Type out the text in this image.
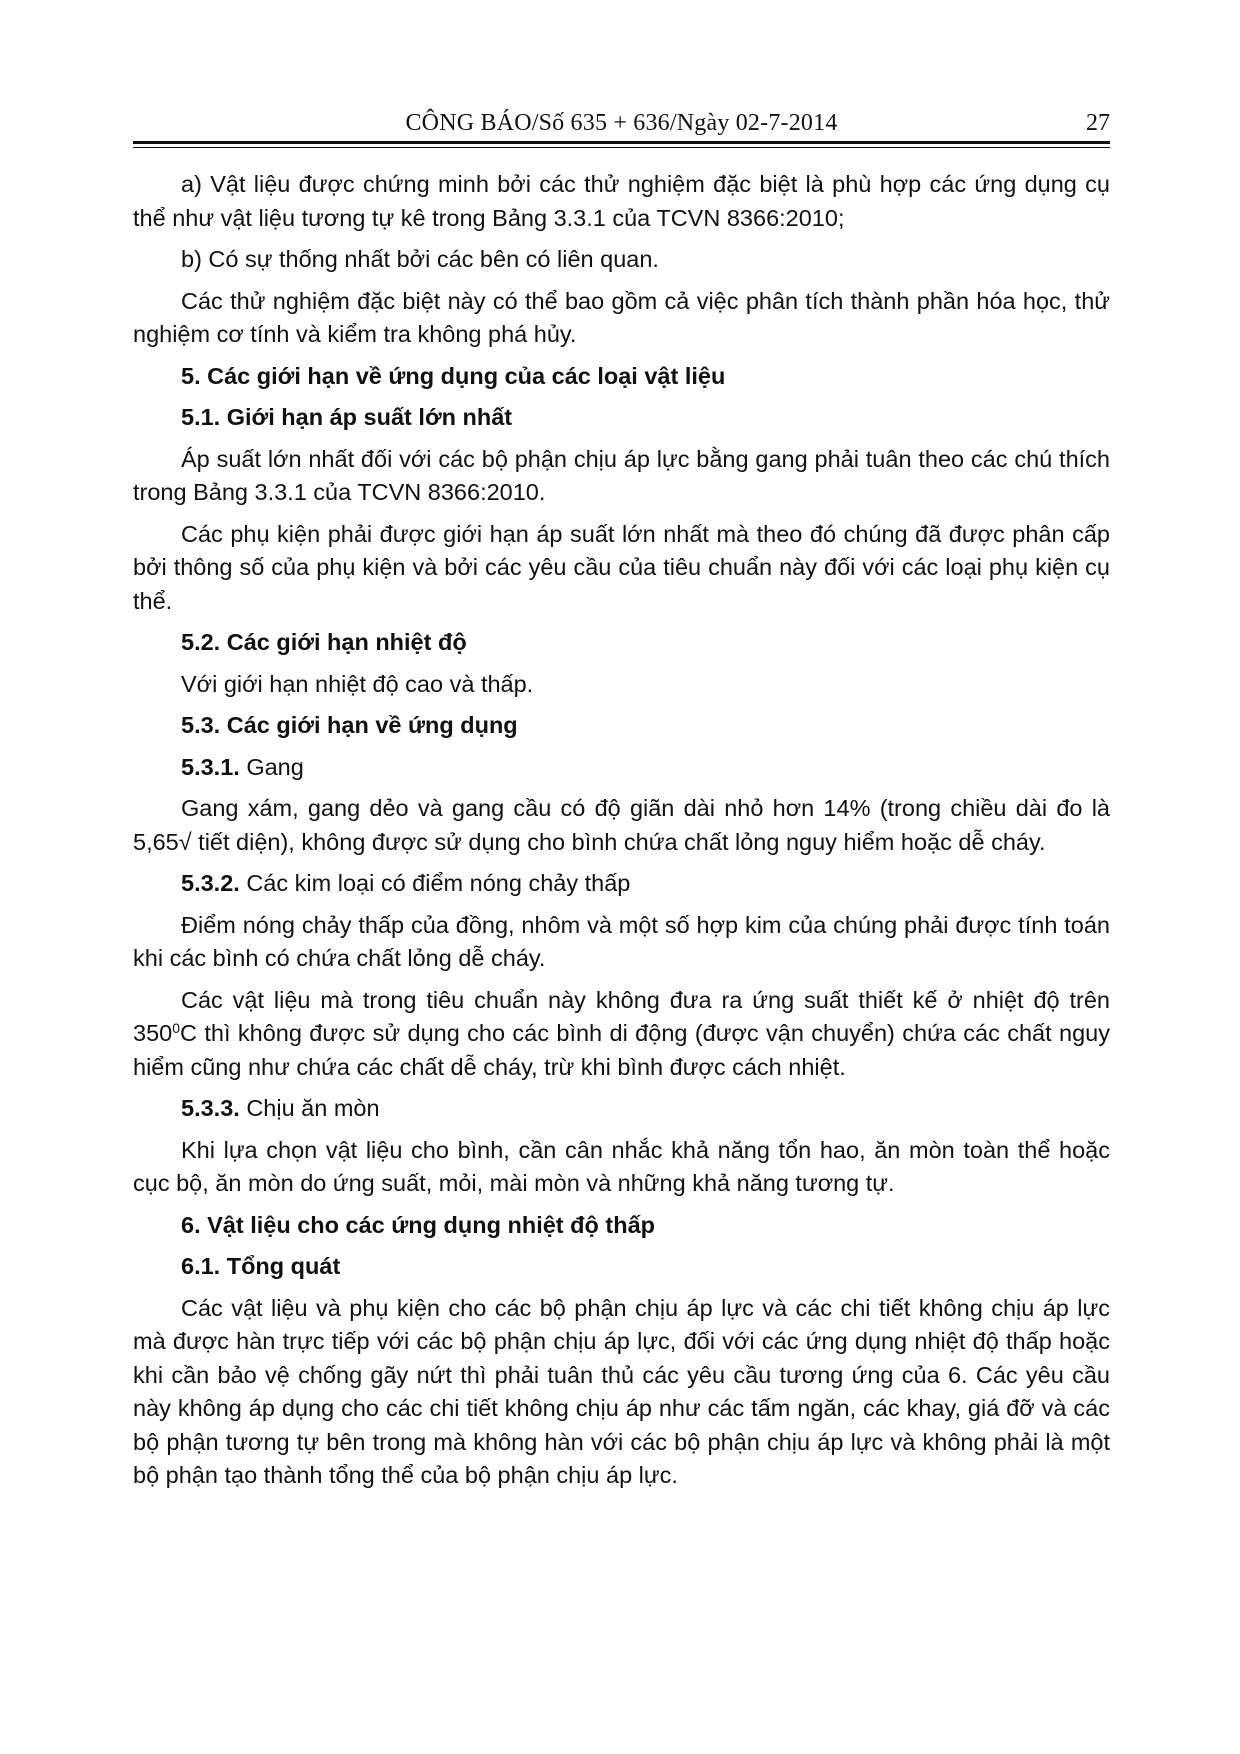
CÔNG BÁO/Số 635 + 636/Ngày 02-7-2014	27

a) Vật liệu được chứng minh bởi các thử nghiệm đặc biệt là phù hợp các ứng dụng cụ thể như vật liệu tương tự kê trong Bảng 3.3.1 của TCVN 8366:2010;

b) Có sự thống nhất bởi các bên có liên quan.

Các thử nghiệm đặc biệt này có thể bao gồm cả việc phân tích thành phần hóa học, thử nghiệm cơ tính và kiểm tra không phá hủy.

5. Các giới hạn về ứng dụng của các loại vật liệu

5.1. Giới hạn áp suất lớn nhất

Áp suất lớn nhất đối với các bộ phận chịu áp lực bằng gang phải tuân theo các chú thích trong Bảng 3.3.1 của TCVN 8366:2010.

Các phụ kiện phải được giới hạn áp suất lớn nhất mà theo đó chúng đã được phân cấp bởi thông số của phụ kiện và bởi các yêu cầu của tiêu chuẩn này đối với các loại phụ kiện cụ thể.

5.2. Các giới hạn nhiệt độ

Với giới hạn nhiệt độ cao và thấp.

5.3. Các giới hạn về ứng dụng

5.3.1. Gang

Gang xám, gang dẻo và gang cầu có độ giãn dài nhỏ hơn 14% (trong chiều dài đo là 5,65√ tiết diện), không được sử dụng cho bình chứa chất lỏng nguy hiểm hoặc dễ cháy.

5.3.2. Các kim loại có điểm nóng chảy thấp

Điểm nóng chảy thấp của đồng, nhôm và một số hợp kim của chúng phải được tính toán khi các bình có chứa chất lỏng dễ cháy.

Các vật liệu mà trong tiêu chuẩn này không đưa ra ứng suất thiết kế ở nhiệt độ trên $350^0C$ thì không được sử dụng cho các bình di động (được vận chuyển) chứa các chất nguy hiểm cũng như chứa các chất dễ cháy, trừ khi bình được cách nhiệt.

5.3.3. Chịu ăn mòn

Khi lựa chọn vật liệu cho bình, cần cân nhắc khả năng tổn hao, ăn mòn toàn thể hoặc cục bộ, ăn mòn do ứng suất, mỏi, mài mòn và những khả năng tương tự.

6. Vật liệu cho các ứng dụng nhiệt độ thấp

6.1. Tổng quát

Các vật liệu và phụ kiện cho các bộ phận chịu áp lực và các chi tiết không chịu áp lực mà được hàn trực tiếp với các bộ phận chịu áp lực, đối với các ứng dụng nhiệt độ thấp hoặc khi cần bảo vệ chống gãy nứt thì phải tuân thủ các yêu cầu tương ứng của 6. Các yêu cầu này không áp dụng cho các chi tiết không chịu áp như các tấm ngăn, các khay, giá đỡ và các bộ phận tương tự bên trong mà không hàn với các bộ phận chịu áp lực và không phải là một bộ phận tạo thành tổng thể của bộ phận chịu áp lực.
